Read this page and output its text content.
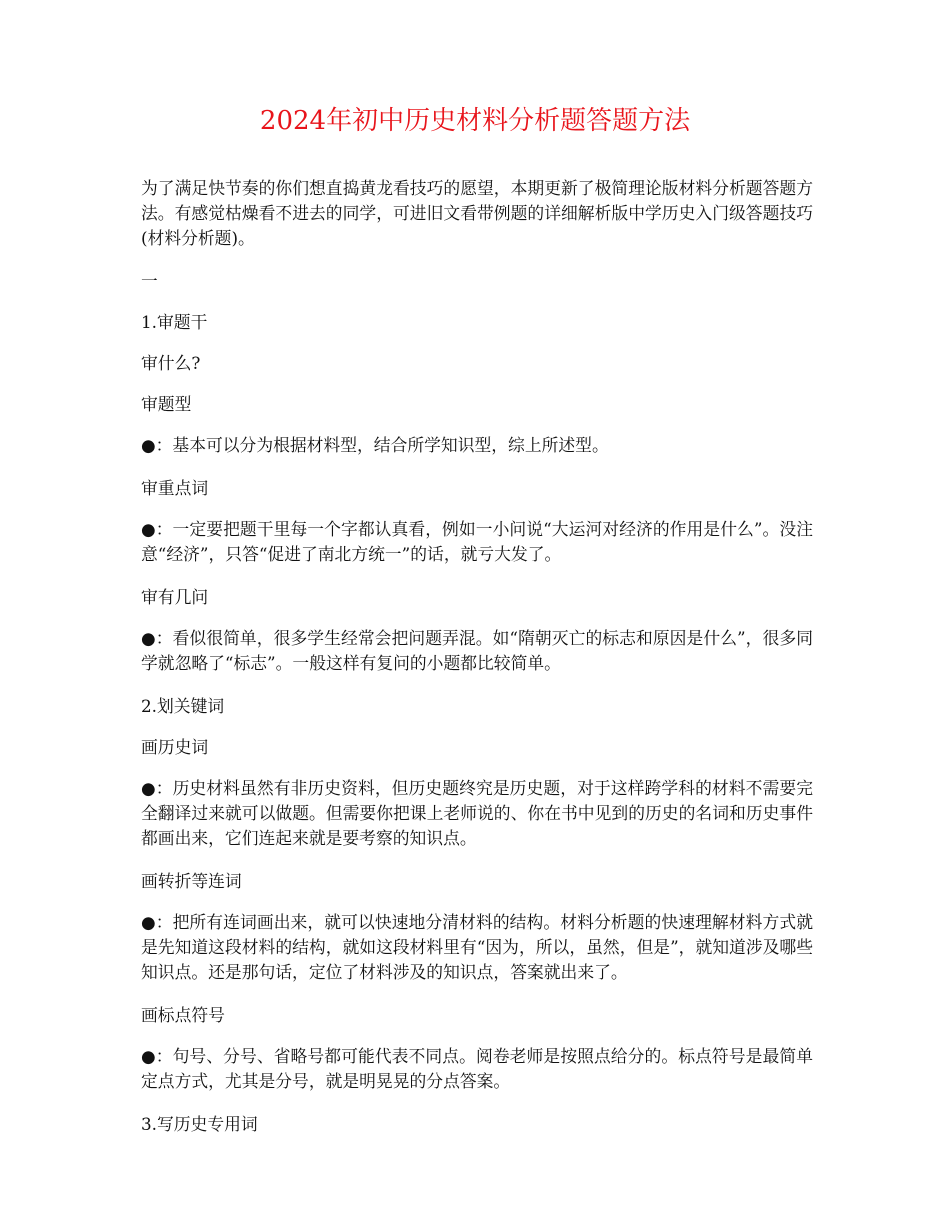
2024年初中历史材料分析题答题方法

为了满足快节奏的你们想直捣黄龙看技巧的愿望，本期更新了极简理论版材料分析题答题方法。有感觉枯燥看不进去的同学，可进旧文看带例题的详细解析版中学历史入门级答题技巧(材料分析题)。

一

1.审题干

审什么?

审题型

●：基本可以分为根据材料型，结合所学知识型，综上所述型。

审重点词

●：一定要把题干里每一个字都认真看，例如一小问说“大运河对经济的作用是什么”。没注意“经济”，只答“促进了南北方统一”的话，就亏大发了。

审有几问

●：看似很简单，很多学生经常会把问题弄混。如“隋朝灭亡的标志和原因是什么”，很多同学就忽略了“标志”。一般这样有复问的小题都比较简单。

2.划关键词

画历史词

●：历史材料虽然有非历史资料，但历史题终究是历史题，对于这样跨学科的材料不需要完全翻译过来就可以做题。但需要你把课上老师说的、你在书中见到的历史的名词和历史事件都画出来，它们连起来就是要考察的知识点。

画转折等连词

●：把所有连词画出来，就可以快速地分清材料的结构。材料分析题的快速理解材料方式就是先知道这段材料的结构，就如这段材料里有“因为，所以，虽然，但是”，就知道涉及哪些知识点。还是那句话，定位了材料涉及的知识点，答案就出来了。

画标点符号

●：句号、分号、省略号都可能代表不同点。阅卷老师是按照点给分的。标点符号是最简单定点方式，尤其是分号，就是明晃晃的分点答案。

3.写历史专用词
